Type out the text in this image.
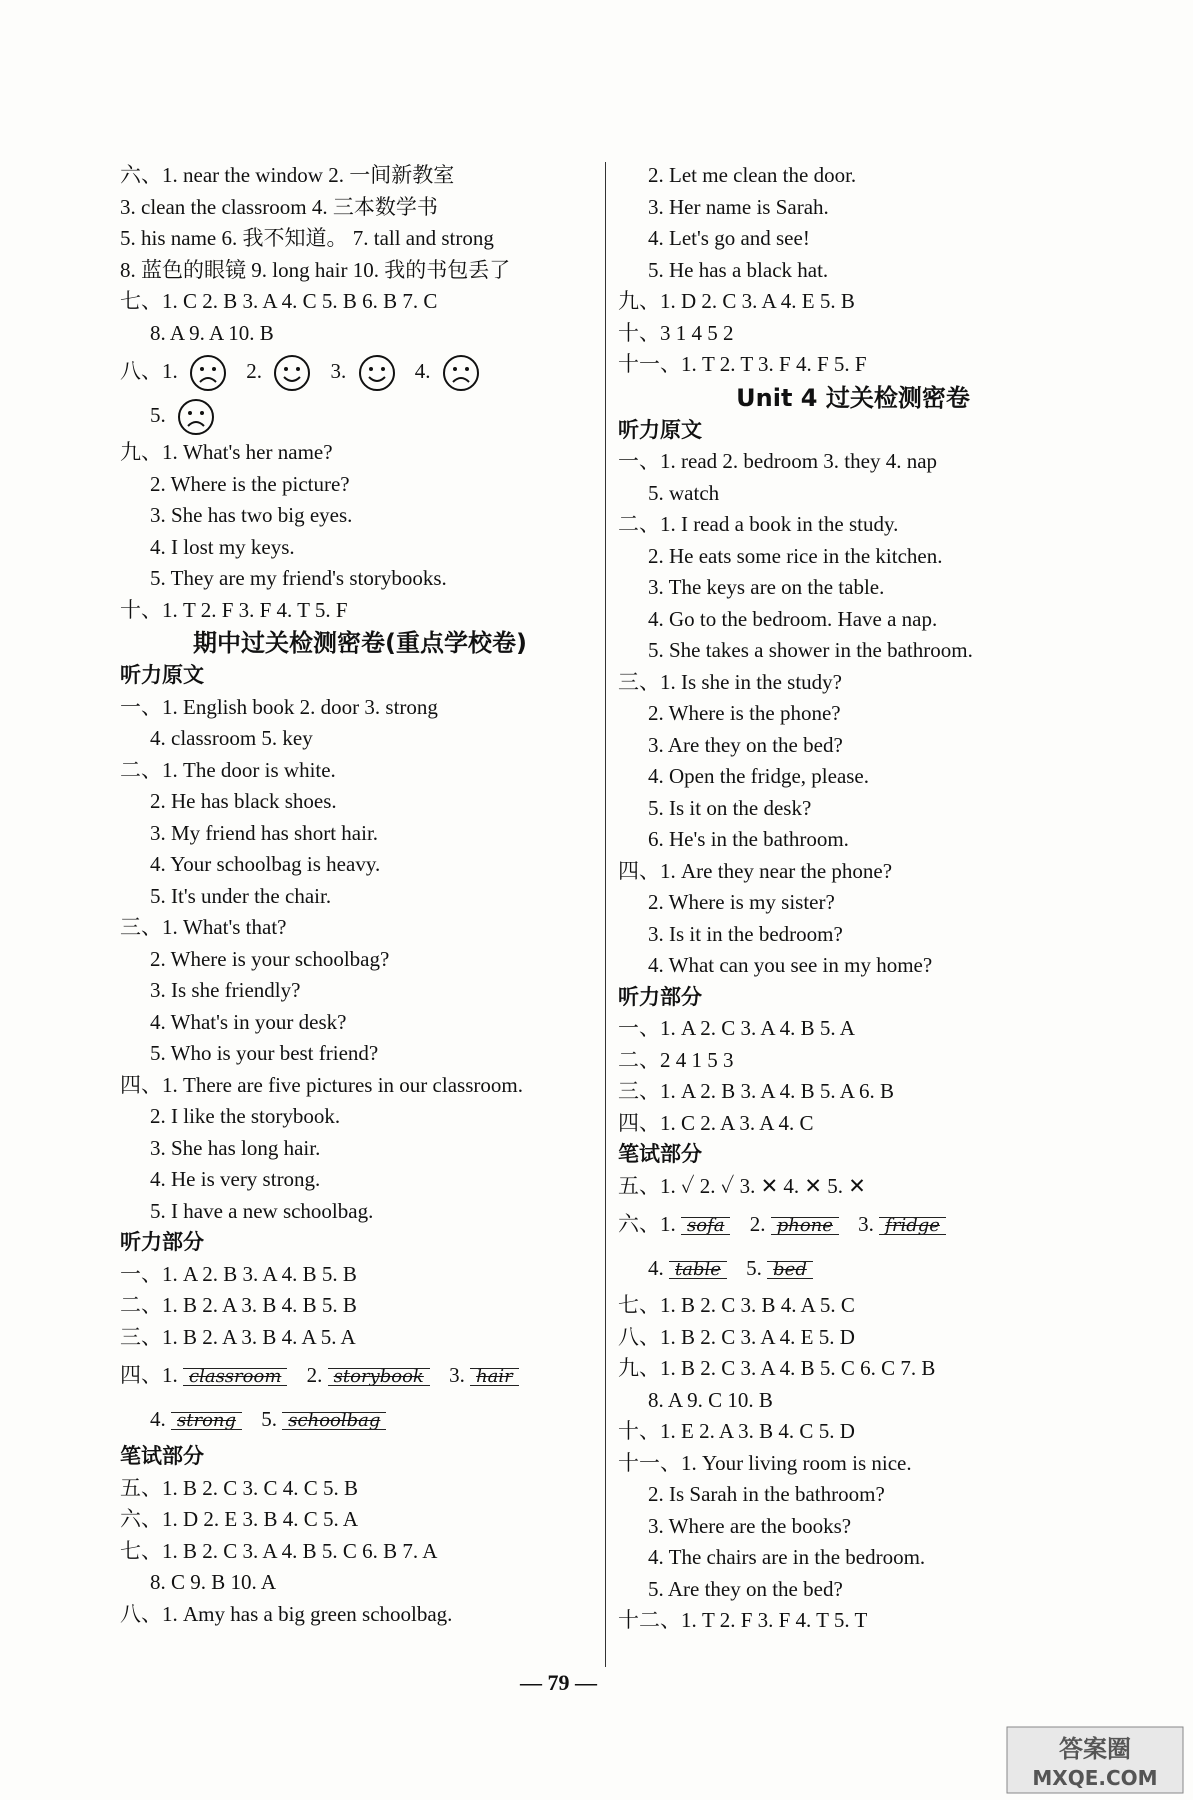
六、1. near the window 2. 一间新教室
3. clean the classroom 4. 三本数学书
5. his name 6. 我不知道。 7. tall and strong
8. 蓝色的眼镜 9. long hair 10. 我的书包丢了
七、1. C 2. B 3. A 4. C 5. B 6. B 7. C
8. A 9. A 10. B
八、1.	2.	3.	4.
5.
九、1. What's her name?
2. Where is the picture?
3. She has two big eyes.
4. I lost my keys.
5. They are my friend's storybooks.
十、1. T 2. F 3. F 4. T 5. F
期中过关检测密卷(重点学校卷)
听力原文
一、1. English book 2. door 3. strong
4. classroom 5. key
二、1. The door is white.
2. He has black shoes.
3. My friend has short hair.
4. Your schoolbag is heavy.
5. It's under the chair.
三、1. What's that?
2. Where is your schoolbag?
3. Is she friendly?
4. What's in your desk?
5. Who is your best friend?
四、1. There are five pictures in our classroom.
2. I like the storybook.
3. She has long hair.
4. He is very strong.
5. I have a new schoolbag.
听力部分
一、1. A 2. B 3. A 4. B 5. B
二、1. B 2. A 3. B 4. B 5. B
三、1. B 2. A 3. B 4. A 5. A
四、1. classroom 2. storybook 3. hair
4. strong 5. schoolbag
笔试部分
五、1. B 2. C 3. C 4. C 5. B
六、1. D 2. E 3. B 4. C 5. A
七、1. B 2. C 3. A 4. B 5. C 6. B 7. A
8. C 9. B 10. A
八、1. Amy has a big green schoolbag.
2. Let me clean the door.
3. Her name is Sarah.
4. Let's go and see!
5. He has a black hat.
九、1. D 2. C 3. A 4. E 5. B
十、3 1 4 5 2
十一、1. T 2. T 3. F 4. F 5. F
Unit 4 过关检测密卷
听力原文
一、1. read 2. bedroom 3. they 4. nap
5. watch
二、1. I read a book in the study.
2. He eats some rice in the kitchen.
3. The keys are on the table.
4. Go to the bedroom. Have a nap.
5. She takes a shower in the bathroom.
三、1. Is she in the study?
2. Where is the phone?
3. Are they on the bed?
4. Open the fridge, please.
5. Is it on the desk?
6. He's in the bathroom.
四、1. Are they near the phone?
2. Where is my sister?
3. Is it in the bedroom?
4. What can you see in my home?
听力部分
一、1. A 2. C 3. A 4. B 5. A
二、2 4 1 5 3
三、1. A 2. B 3. A 4. B 5. A 6. B
四、1. C 2. A 3. A 4. C
笔试部分
五、1. ✓ 2. ✓ 3. ✕ 4. ✕ 5. ✕
六、1. sofa 2. phone 3. fridge
4. table 5. bed
七、1. B 2. C 3. B 4. A 5. C
八、1. B 2. C 3. A 4. E 5. D
九、1. B 2. C 3. A 4. B 5. C 6. C 7. B
8. A 9. C 10. B
十、1. E 2. A 3. B 4. C 5. D
十一、1. Your living room is nice.
2. Is Sarah in the bathroom?
3. Where are the books?
4. The chairs are in the bedroom.
5. Are they on the bed?
十二、1. T 2. F 3. F 4. T 5. T
— 79 —
答案圈
MXQE.COM
